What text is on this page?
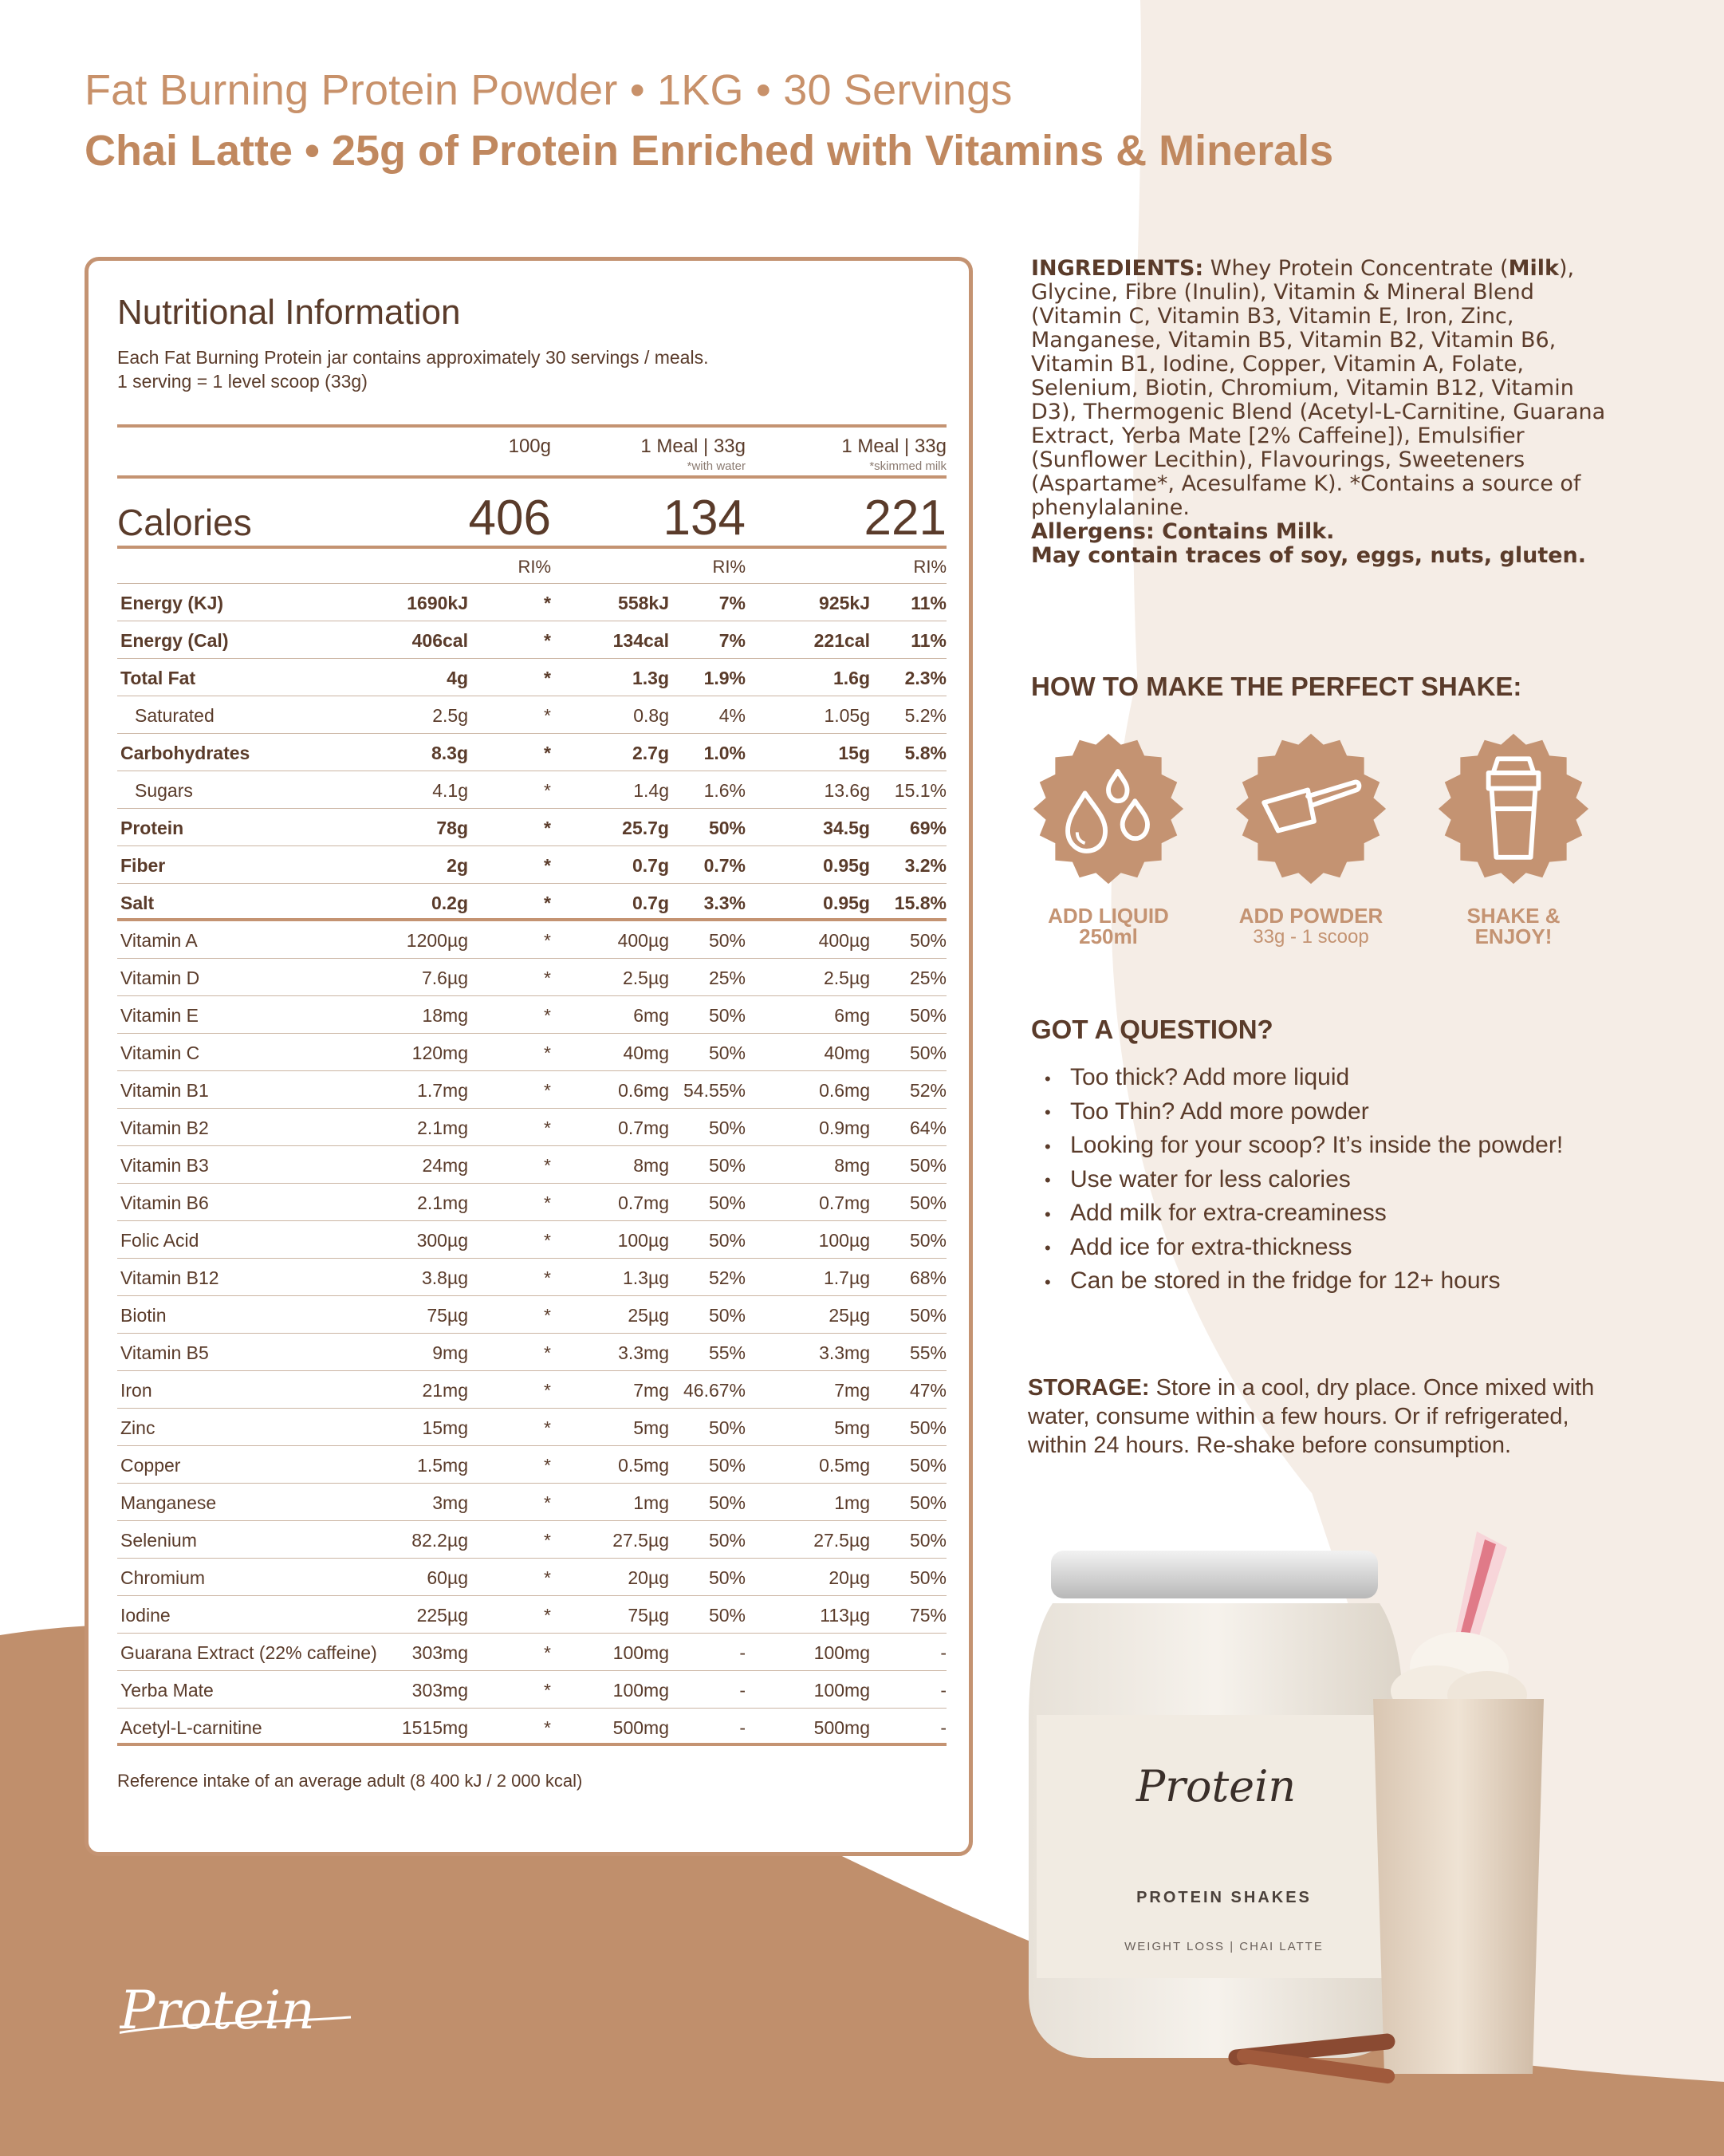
Fat Burning Protein Powder • 1KG • 30 Servings
Chai Latte • 25g of Protein Enriched with Vitamins & Minerals
Nutritional Information
Each Fat Burning Protein jar contains approximately 30 servings / meals.
1 serving = 1 level scoop (33g)
100g	1 Meal | 33g
*with water
1 Meal | 33g
*skimmed milk
Calories	406 134 221
RI%	RI%	RI%
Energy (KJ)	1690kJ	*	558kJ	7%	925kJ 11%
Energy (Cal)	406cal	*	134cal	7%	221cal 11%
Total Fat	4g	*	1.3g 1.9%	1.6g 2.3%
Saturated	2.5g	*	0.8g	4%	1.05g 5.2%
Carbohydrates	8.3g	*	2.7g 1.0%	15g 5.8%
Sugars	4.1g	*	1.4g 1.6%	13.6g 15.1%
Protein	78g	*	25.7g 50%	34.5g 69%
Fiber	2g	*	0.7g 0.7%	0.95g 3.2%
Salt	0.2g	*	0.7g 3.3%	0.95g 15.8%
Vitamin A	1200µg	*	400µg 50%	400µg 50%
Vitamin D	7.6µg	*	2.5µg 25%	2.5µg 25%
Vitamin E	18mg	*	6mg 50%	6mg 50%
Vitamin C	120mg	*	40mg 50%	40mg 50%
Vitamin B1	1.7mg	*	0.6mg 54.55%	0.6mg 52%
Vitamin B2	2.1mg	*	0.7mg 50%	0.9mg 64%
Vitamin B3	24mg	*	8mg 50%	8mg 50%
Vitamin B6	2.1mg	*	0.7mg 50%	0.7mg 50%
Folic Acid	300µg	*	100µg 50%	100µg 50%
Vitamin B12	3.8µg	*	1.3µg 52%	1.7µg 68%
Biotin	75µg	*	25µg 50%	25µg 50%
Vitamin B5	9mg	*	3.3mg 55%	3.3mg 55%
Iron	21mg	*	7mg 46.67%	7mg 47%
Zinc	15mg	*	5mg 50%	5mg 50%
Copper	1.5mg	*	0.5mg 50%	0.5mg 50%
Manganese	3mg	*	1mg 50%	1mg 50%
Selenium	82.2µg	*	27.5µg 50%	27.5µg 50%
Chromium	60µg	*	20µg 50%	20µg 50%
Iodine	225µg	*	75µg 50%	113µg 75%
Guarana Extract (22% caffeine) 303mg	*	100mg	-	100mg	-
Yerba Mate	303mg	*	100mg	-	100mg	-
Acetyl-L-carnitine	1515mg	*	500mg	-	500mg	-
Reference intake of an average adult (8 400 kJ / 2 000 kcal)
INGREDIENTS: Whey Protein Concentrate (Milk), Glycine, Fibre (Inulin), Vitamin & Mineral Blend (Vitamin C, Vitamin B3, Vitamin E, Iron, Zinc, Manganese, Vitamin B5, Vitamin B2, Vitamin B6, Vitamin B1, Iodine, Copper, Vitamin A, Folate, Selenium, Biotin, Chromium, Vitamin B12, Vitamin D3), Thermogenic Blend (Acetyl-L-Carnitine, Guarana Extract, Yerba Mate [2% Caffeine]), Emulsifier (Sunflower Lecithin), Flavourings, Sweeteners (Aspartame*, Acesulfame K). *Contains a source of phenylalanine.
Allergens: Contains Milk.
May contain traces of soy, eggs, nuts, gluten.
HOW TO MAKE THE PERFECT SHAKE:
ADD LIQUID
250ml
ADD POWDER
33g - 1 scoop
SHAKE &
ENJOY!
GOT A QUESTION?
• Too thick? Add more liquid
• Too Thin? Add more powder
• Looking for your scoop? It’s inside the powder!
• Use water for less calories
• Add milk for extra-creaminess
• Add ice for extra-thickness
• Can be stored in the fridge for 12+ hours
STORAGE: Store in a cool, dry place. Once mixed with water, consume within a few hours. Or if refrigerated, within 24 hours. Re-shake before consumption.
Protein
PROTEIN SHAKES
WEIGHT LOSS | CHAI LATTE
Protein
